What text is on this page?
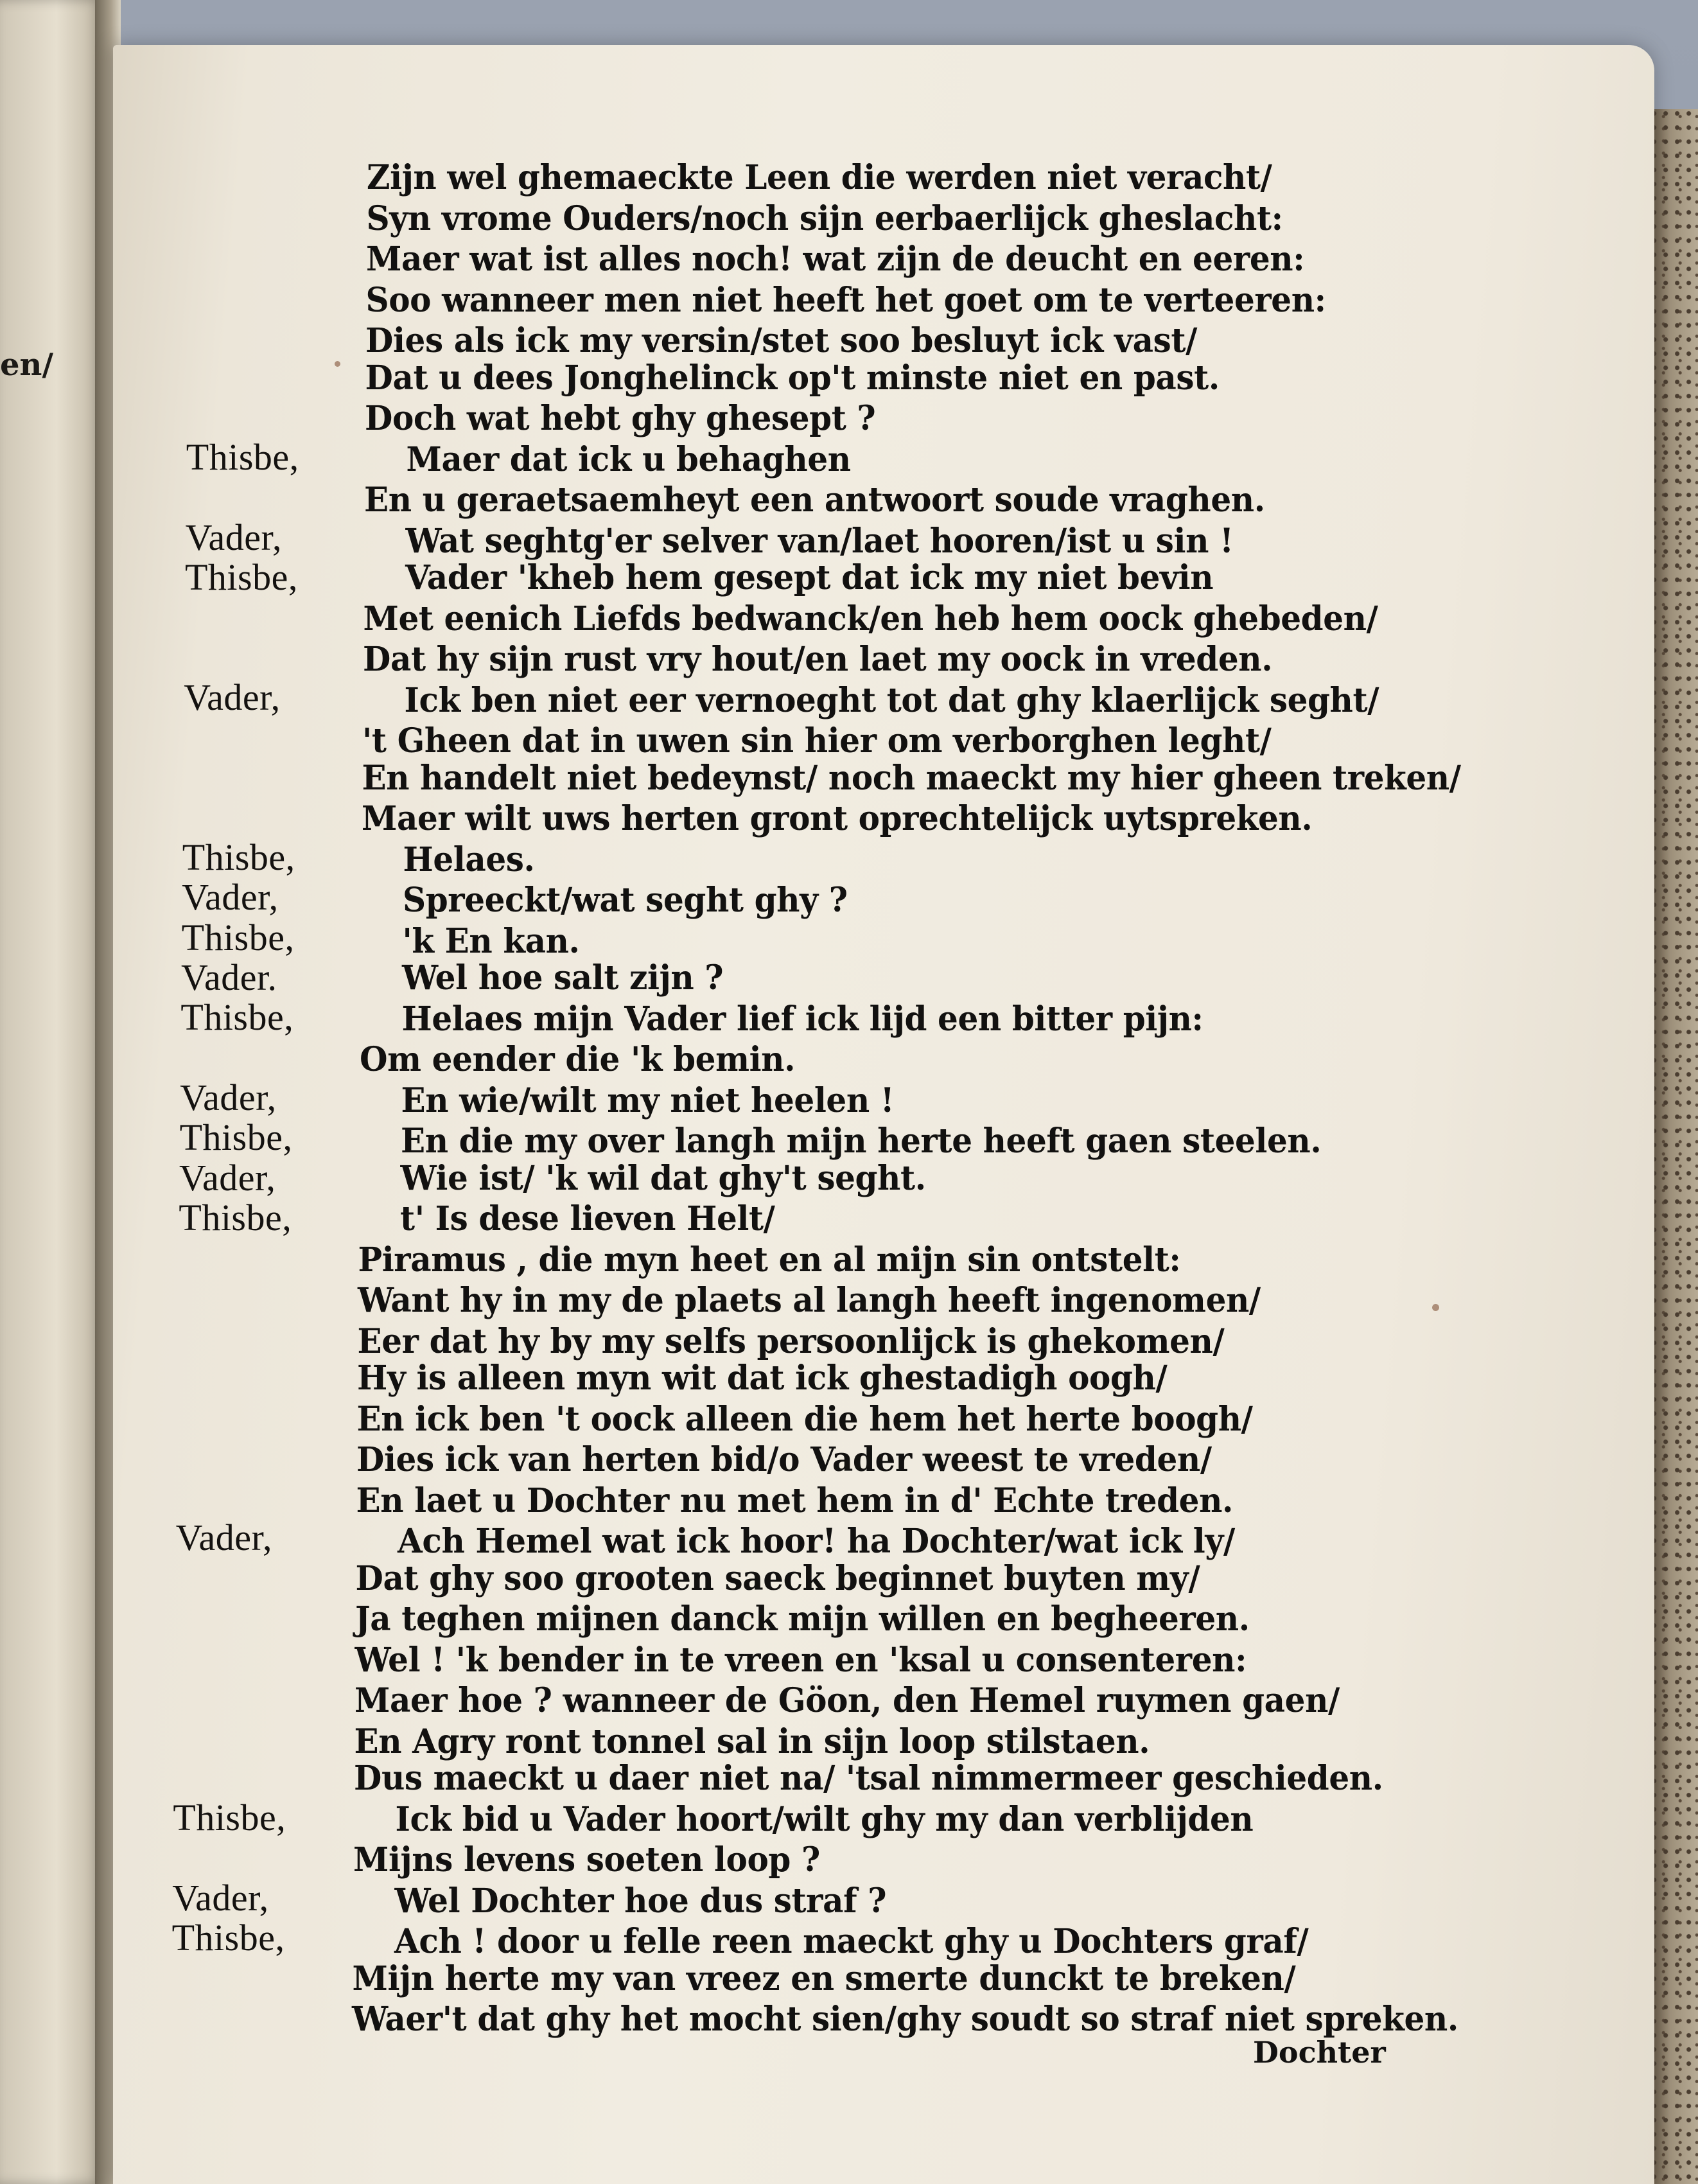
en/
Thisbe,
Vader,
Thisbe,
Vader,
Thisbe,
Vader,
Thisbe,
Vader.
Thisbe,
Vader,
Thisbe,
Vader,
Thisbe,
Vader,
Thisbe,
Vader,
Thisbe,
Zijn wel ghemaeckte Leen die werden niet veracht/
Syn vrome Ouders/noch sijn eerbaerlijck gheslacht:
Maer wat ist alles noch! wat zijn de deucht en eeren:
Soo wanneer men niet heeft het goet om te verteeren:
Dies als ick my versin/stet soo besluyt ick vast/
Dat u dees Jonghelinck op't minste niet en past.
Doch wat hebt ghy ghesept ?
Maer dat ick u behaghen
En u geraetsaemheyt een antwoort soude vraghen.
Wat seghtg'er selver van/laet hooren/ist u sin !
Vader 'kheb hem gesept dat ick my niet bevin
Met eenich Liefds bedwanck/en heb hem oock ghebeden/
Dat hy sijn rust vry hout/en laet my oock in vreden.
Ick ben niet eer vernoeght tot dat ghy klaerlijck seght/
't Gheen dat in uwen sin hier om verborghen leght/
En handelt niet bedeynst/ noch maeckt my hier gheen treken/
Maer wilt uws herten gront oprechtelijck uytspreken.
Helaes.
Spreeckt/wat seght ghy ?
'k En kan.
Wel hoe salt zijn ?
Helaes mijn Vader lief ick lijd een bitter pijn:
Om eender die 'k bemin.
En wie/wilt my niet heelen !
En die my over langh mijn herte heeft gaen steelen.
Wie ist/ 'k wil dat ghy't seght.
t' Is dese lieven Helt/
Piramus , die myn heet en al mijn sin ontstelt:
Want hy in my de plaets al langh heeft ingenomen/
Eer dat hy by my selfs persoonlijck is ghekomen/
Hy is alleen myn wit dat ick ghestadigh oogh/
En ick ben 't oock alleen die hem het herte boogh/
Dies ick van herten bid/o Vader weest te vreden/
En laet u Dochter nu met hem in d' Echte treden.
Ach Hemel wat ick hoor! ha Dochter/wat ick ly/
Dat ghy soo grooten saeck beginnet buyten my/
Ja teghen mijnen danck mijn willen en begheeren.
Wel ! 'k bender in te vreen en 'ksal u consenteren:
Maer hoe ? wanneer de Göon, den Hemel ruymen gaen/
En Agry ront tonnel sal in sijn loop stilstaen.
Dus maeckt u daer niet na/ 'tsal nimmermeer geschieden.
Ick bid u Vader hoort/wilt ghy my dan verblijden
Mijns levens soeten loop ?
Wel Dochter hoe dus straf ?
Ach ! door u felle reen maeckt ghy u Dochters graf/
Mijn herte my van vreez en smerte dunckt te breken/
Waer't dat ghy het mocht sien/ghy soudt so straf niet spreken.
Dochter
